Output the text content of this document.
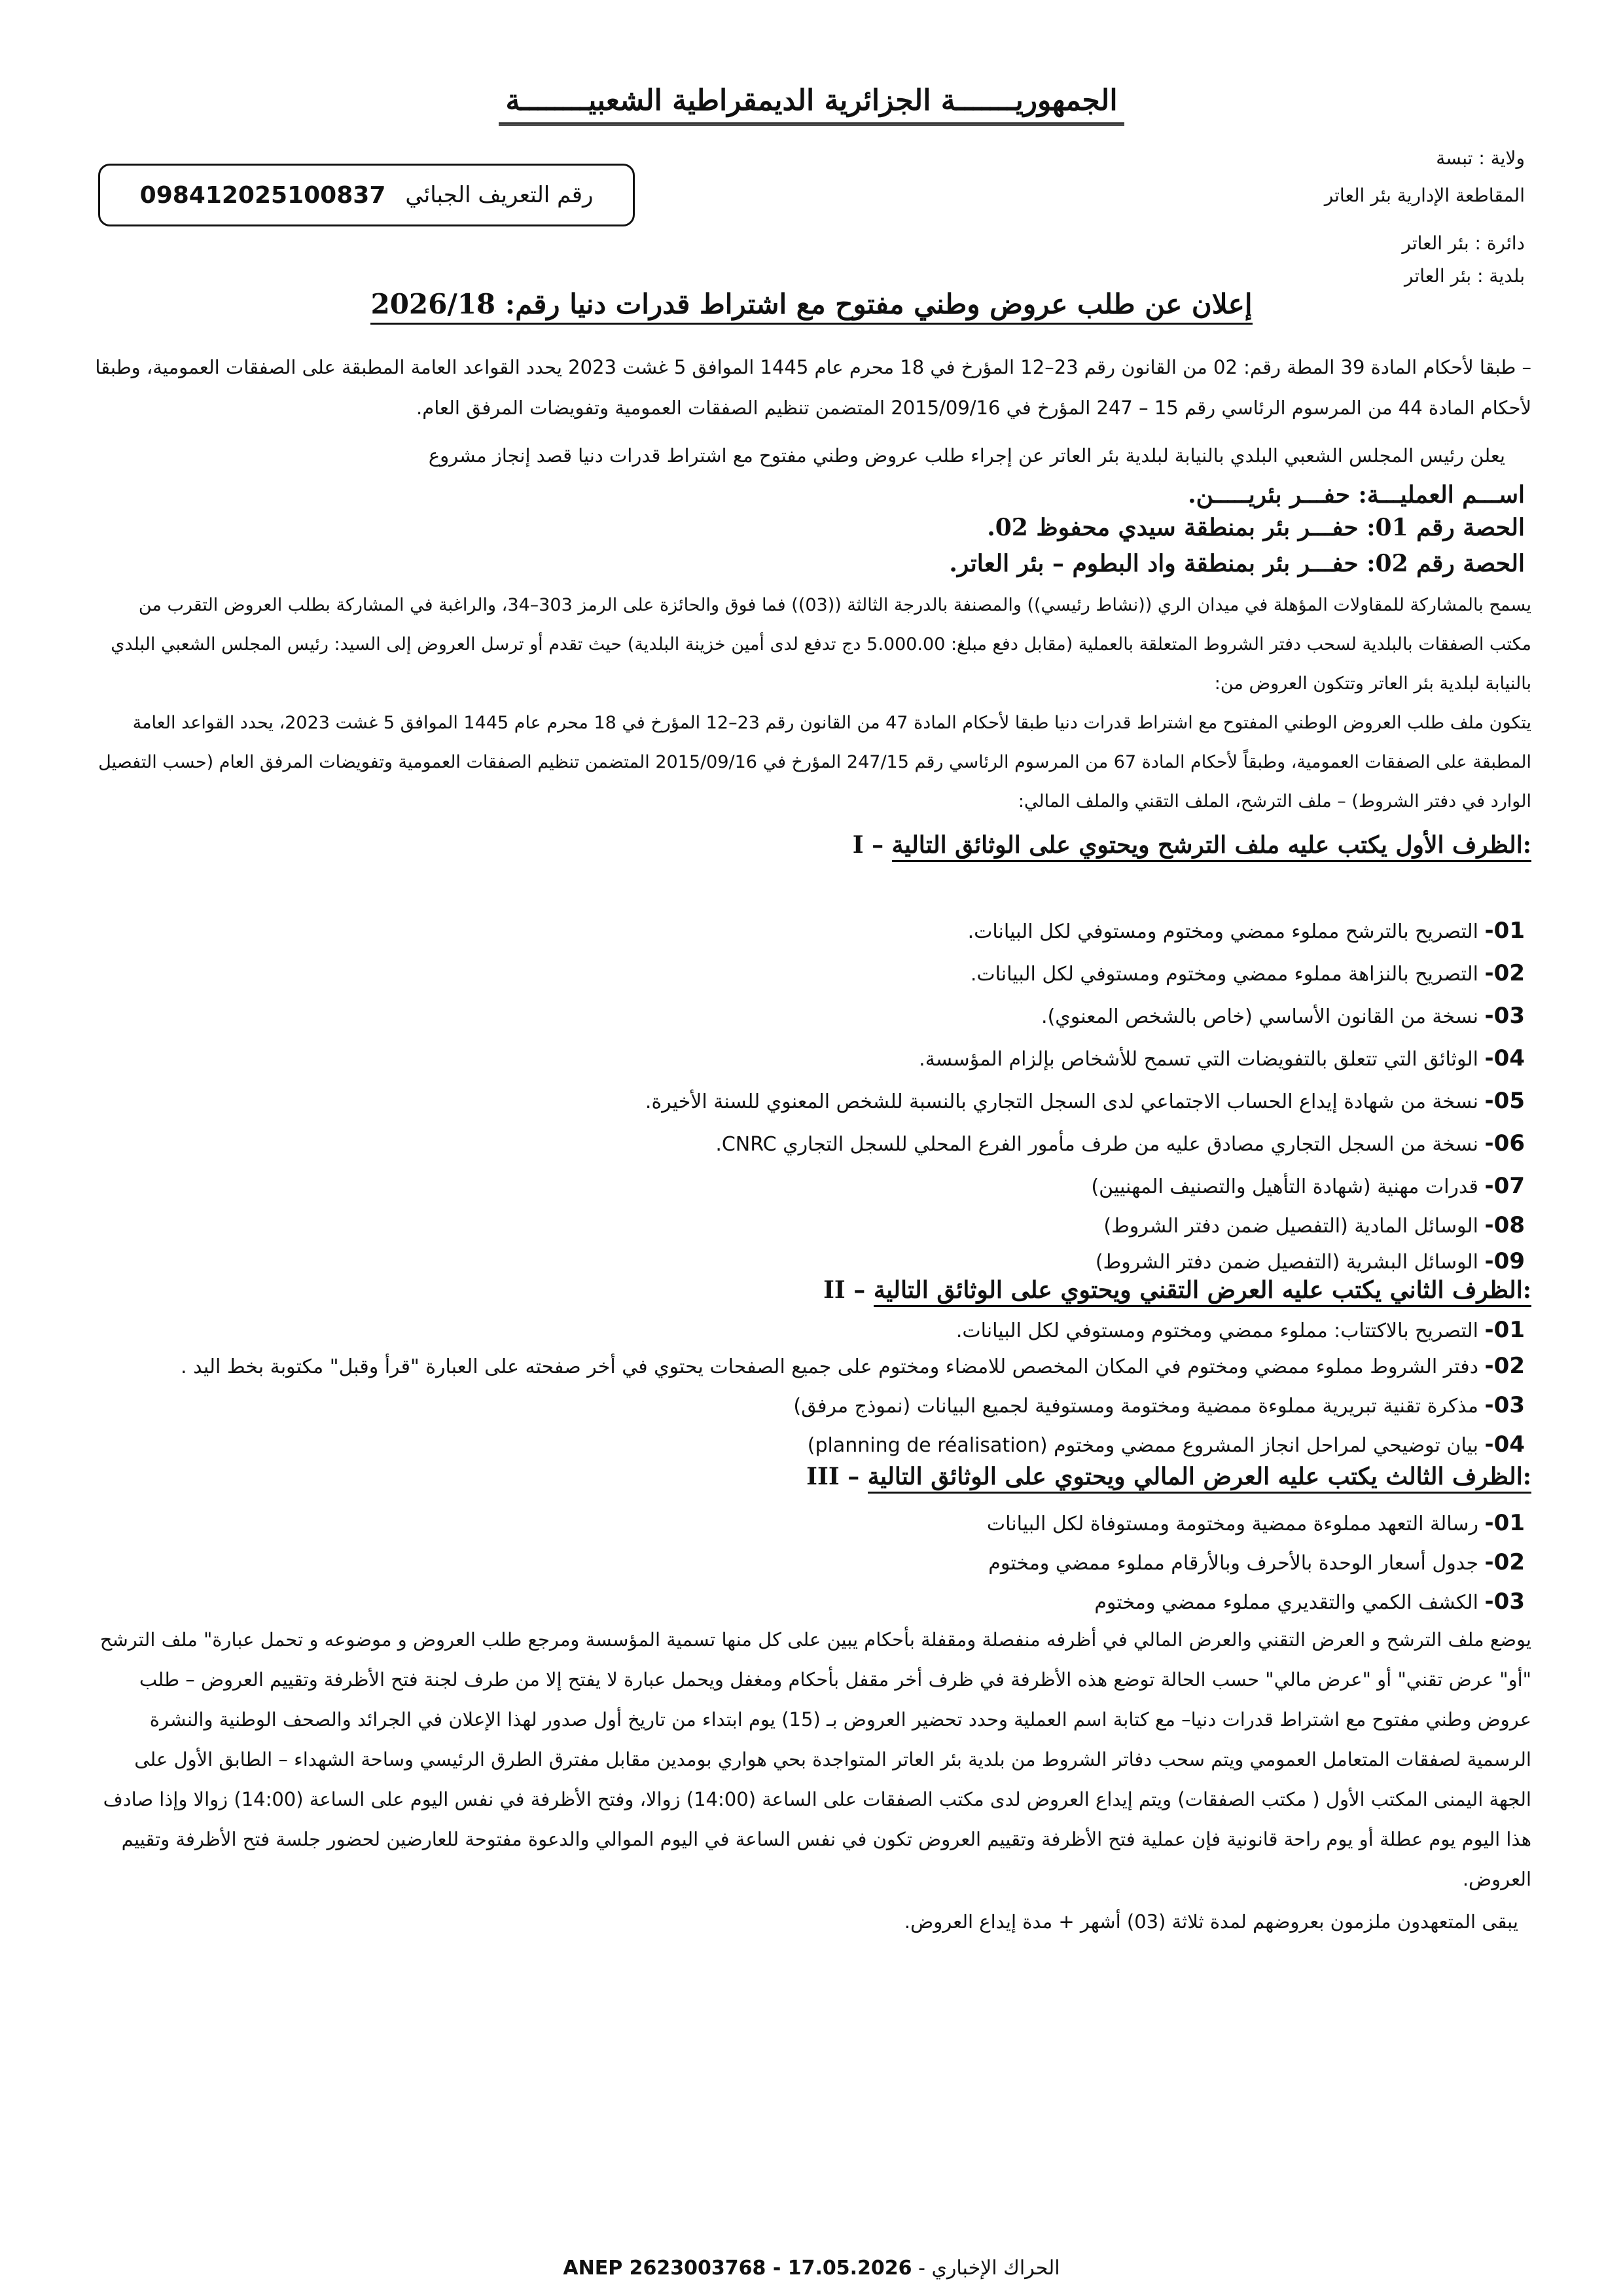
الجمهوريـــــــة الجزائرية الديمقراطية الشعبيــــــــة
رقم التعريف الجبائي
09841202510083‏7
ولاية : تبسة
المقاطعة الإدارية بئر العاتر
دائرة : بئر العاتر
بلدية : بئر العاتر
إعلان عن طلب عروض وطني مفتوح مع اشتراط قدرات دنيا رقم: 2026/18
– طبقا لأحكام المادة 39 المطة رقم: 02 من القانون رقم 23–12 المؤرخ في 18 محرم عام 1445 الموافق 5 غشت 2023 يحدد القواعد العامة المطبقة على الصفقات العمومية، وطبقا لأحكام المادة 44 من المرسوم الرئاسي رقم 15 – 247 المؤرخ في 2015/09/16 المتضمن تنظيم الصفقات العمومية وتفويضات المرفق العام.
يعلن رئيس المجلس الشعبي البلدي بالنيابة لبلدية بئر العاتر عن إجراء طلب عروض وطني مفتوح مع اشتراط قدرات دنيا قصد إنجاز مشروع
اســـم العمليـــة: حفـــر بئريـــــن.
الحصة رقم 01: حفـــر بئر بمنطقة سيدي محفوظ 02.
الحصة رقم 02: حفـــر بئر بمنطقة واد البطوم – بئر العاتر.
يسمح بالمشاركة للمقاولات المؤهلة في ميدان الري ((نشاط رئيسي)) والمصنفة بالدرجة الثالثة ((03)) فما فوق والحائزة على الرمز 303–34، والراغبة في المشاركة بطلب العروض التقرب من مكتب الصفقات بالبلدية لسحب دفتر الشروط المتعلقة بالعملية (مقابل دفع مبلغ: 5.000.00 دج تدفع لدى أمين خزينة البلدية) حيث تقدم أو ترسل العروض إلى السيد: رئيس المجلس الشعبي البلدي بالنيابة لبلدية بئر العاتر وتتكون العروض من:
يتكون ملف طلب العروض الوطني المفتوح مع اشتراط قدرات دنيا طبقا لأحكام المادة 47 من القانون رقم 23–12 المؤرخ في 18 محرم عام 1445 الموافق 5 غشت 2023، يحدد القواعد العامة المطبقة على الصفقات العمومية، وطبقاً لأحكام المادة 67 من المرسوم الرئاسي رقم 247/15 المؤرخ في 2015/09/16 المتضمن تنظيم الصفقات العمومية وتفويضات المرفق العام (حسب التفصيل الوارد في دفتر الشروط) – ملف الترشح، الملف التقني والملف المالي:
I – الظرف الأول يكتب عليه ملف الترشح ويحتوي على الوثائق التالية:
01- التصريح بالترشح مملوء ممضي ومختوم ومستوفي لكل البيانات.
02- التصريح بالنزاهة مملوء ممضي ومختوم ومستوفي لكل البيانات.
03- نسخة من القانون الأساسي (خاص بالشخص المعنوي).
04- الوثائق التي تتعلق بالتفويضات التي تسمح للأشخاص بإلزام المؤسسة.
05- نسخة من شهادة إيداع الحساب الاجتماعي لدى السجل التجاري بالنسبة للشخص المعنوي للسنة الأخيرة.
06- نسخة من السجل التجاري مصادق عليه من طرف مأمور الفرع المحلي للسجل التجاري CNRC.
07- قدرات مهنية (شهادة التأهيل والتصنيف المهنيين)
08- الوسائل المادية (التفصيل ضمن دفتر الشروط)
09- الوسائل البشرية (التفصيل ضمن دفتر الشروط)
II – الظرف الثاني يكتب عليه العرض التقني ويحتوي على الوثائق التالية:
01- التصريح بالاكتتاب: مملوء ممضي ومختوم ومستوفي لكل البيانات.
02- دفتر الشروط مملوء ممضي ومختوم في المكان المخصص للامضاء ومختوم على جميع الصفحات يحتوي في أخر صفحته على العبارة "قرأ وقبل" مكتوبة بخط اليد .
03- مذكرة تقنية تبريرية مملوءة ممضية ومختومة ومستوفية لجميع البيانات (نموذج مرفق)
04- بيان توضيحي لمراحل انجاز المشروع ممضي ومختوم (planning de réalisation)
III – الظرف الثالث يكتب عليه العرض المالي ويحتوي على الوثائق التالية:
01- رسالة التعهد مملوءة ممضية ومختومة ومستوفاة لكل البيانات
02- جدول أسعار الوحدة بالأحرف وبالأرقام مملوء ممضي ومختوم
03- الكشف الكمي والتقديري مملوء ممضي ومختوم
يوضع ملف الترشح و العرض التقني والعرض المالي في أظرفه منفصلة ومقفلة بأحكام يبين على كل منها تسمية المؤسسة ومرجع طلب العروض و موضوعه و تحمل عبارة" ملف الترشح "أو" عرض تقني" أو "عرض مالي" حسب الحالة توضع هذه الأظرفة في ظرف أخر مقفل بأحكام ومغفل ويحمل عبارة لا يفتح إلا من طرف لجنة فتح الأظرفة وتقييم العروض – طلب عروض وطني مفتوح مع اشتراط قدرات دنيا– مع كتابة اسم العملية وحدد تحضير العروض بـ (15) يوم ابتداء من تاريخ أول صدور لهذا الإعلان في الجرائد والصحف الوطنية والنشرة الرسمية لصفقات المتعامل العمومي ويتم سحب دفاتر الشروط من بلدية بئر العاتر المتواجدة بحي هواري بومدين مقابل مفترق الطرق الرئيسي وساحة الشهداء – الطابق الأول على الجهة اليمنى المكتب الأول ( مكتب الصفقات) ويتم إيداع العروض لدى مكتب الصفقات على الساعة (14:00) زوالا، وفتح الأظرفة في نفس اليوم على الساعة (14:00) زوالا وإذا صادف هذا اليوم يوم عطلة أو يوم راحة قانونية فإن عملية فتح الأظرفة وتقييم العروض تكون في نفس الساعة في اليوم الموالي والدعوة مفتوحة للعارضين لحضور جلسة فتح الأظرفة وتقييم العروض.
يبقى المتعهدون ملزمون بعروضهم لمدة ثلاثة (03) أشهر + مدة إيداع العروض.
الحراك الإخباري - ANEP 2623003768 - 17.05.2026
